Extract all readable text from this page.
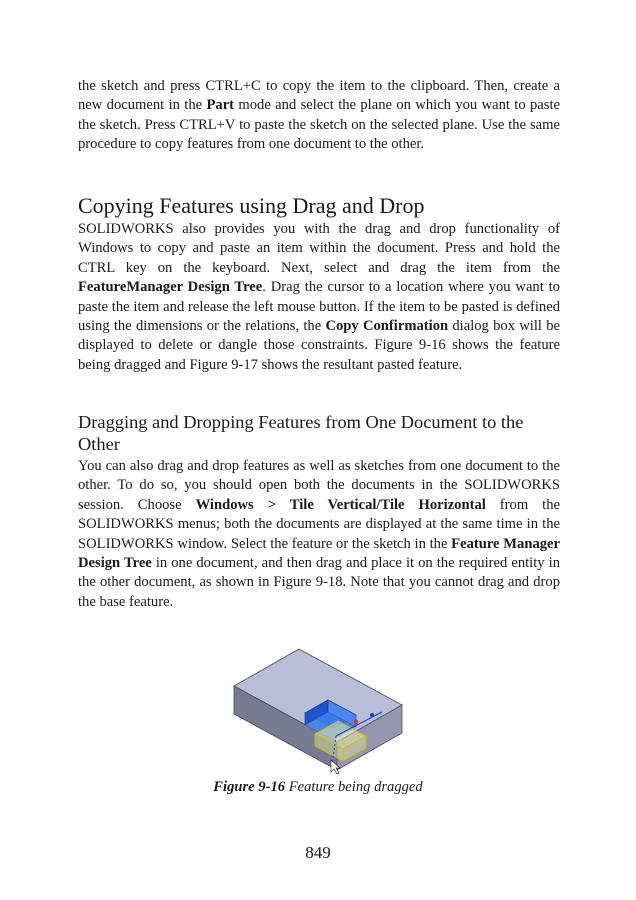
the sketch and press CTRL+C to copy the item to the clipboard. Then, create a new document in the Part mode and select the plane on which you want to paste the sketch. Press CTRL+V to paste the sketch on the selected plane. Use the same procedure to copy features from one document to the other.

Copying Features using Drag and Drop

SOLIDWORKS also provides you with the drag and drop functionality of Windows to copy and paste an item within the document. Press and hold the CTRL key on the keyboard. Next, select and drag the item from the FeatureManager Design Tree. Drag the cursor to a location where you want to paste the item and release the left mouse button. If the item to be pasted is defined using the dimensions or the relations, the Copy Confirmation dialog box will be displayed to delete or dangle those constraints. Figure 9-16 shows the feature being dragged and Figure 9-17 shows the resultant pasted feature.

Dragging and Dropping Features from One Document to the Other

You can also drag and drop features as well as sketches from one document to the other. To do so, you should open both the documents in the SOLIDWORKS session. Choose Windows > Tile Vertical/Tile Horizontal from the SOLIDWORKS menus; both the documents are displayed at the same time in the SOLIDWORKS window. Select the feature or the sketch in the Feature Manager Design Tree in one document, and then drag and place it on the required entity in the other document, as shown in Figure 9-18. Note that you cannot drag and drop the base feature.

Figure 9-16 Feature being dragged
849
